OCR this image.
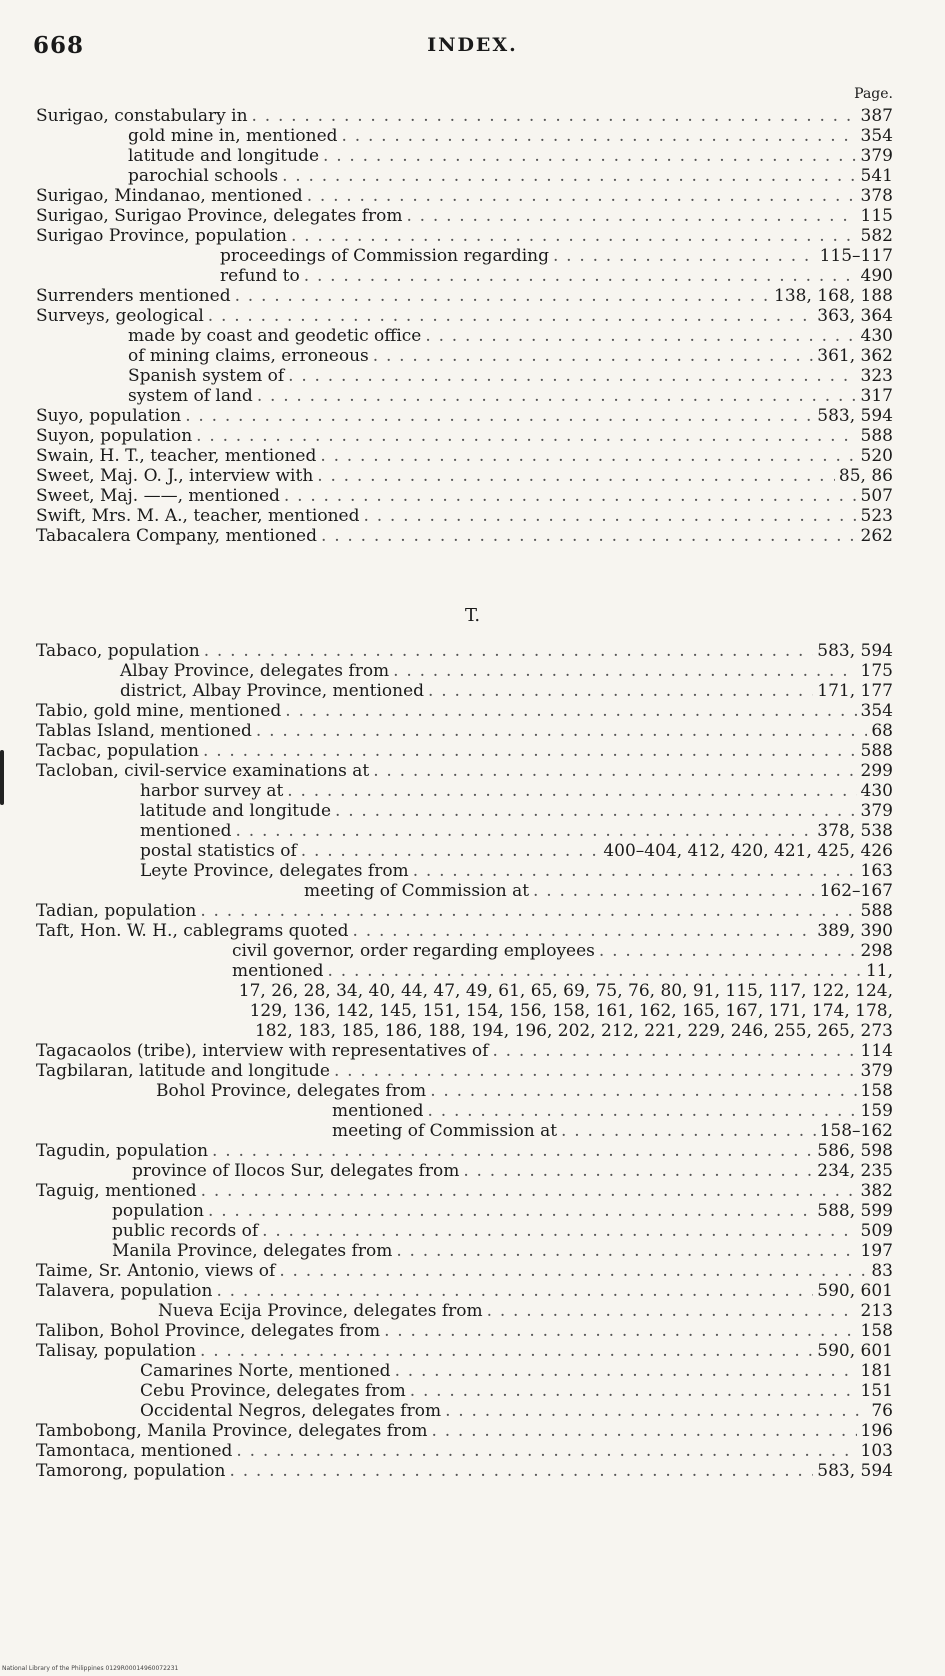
668	INDEX.
Page.
Surigao, constabulary in . . .	387
gold mine in, mentioned . . .	354
latitude and longitude . . .	379
parochial schools . . .	541
Surigao, Mindanao, mentioned . . .	378
Surigao, Surigao Province, delegates from . . .	115
Surigao Province, population . . .	582
proceedings of Commission regarding . . .	115–117
refund to . . .	490
Surrenders mentioned . . .	138, 168, 188
Surveys, geological . . .	363, 364
made by coast and geodetic office . . .	430
of mining claims, erroneous . . .	361, 362
Spanish system of . . .	323
system of land . . .	317
Suyo, population . . .	583, 594
Suyon, population . . .	588
Swain, H. T., teacher, mentioned . . .	520
Sweet, Maj. O. J., interview with . . .	85, 86
Sweet, Maj. ——, mentioned . . .	507
Swift, Mrs. M. A., teacher, mentioned . . .	523
Tabacalera Company, mentioned . . .	262
T.
Tabaco, population . . .	583, 594
Albay Province, delegates from . . .	175
district, Albay Province, mentioned . . .	171, 177
Tabio, gold mine, mentioned . . .	354
Tablas Island, mentioned . . .	68
Tacbac, population . . .	588
Tacloban, civil-service examinations at . . .	299
harbor survey at . . .	430
latitude and longitude . . .	379
mentioned . . .	378, 538
postal statistics of . . .	400–404, 412, 420, 421, 425, 426
Leyte Province, delegates from . . .	163
meeting of Commission at . . .	162–167
Tadian, population . . .	588
Taft, Hon. W. H., cablegrams quoted . . .	389, 390
civil governor, order regarding employees . . .	298
mentioned . . .	11,
17, 26, 28, 34, 40, 44, 47, 49, 61, 65, 69, 75, 76, 80, 91, 115, 117, 122, 124,
129, 136, 142, 145, 151, 154, 156, 158, 161, 162, 165, 167, 171, 174, 178,
182, 183, 185, 186, 188, 194, 196, 202, 212, 221, 229, 246, 255, 265, 273
Tagacaolos (tribe), interview with representatives of . . .	114
Tagbilaran, latitude and longitude . . .	379
Bohol Province, delegates from . . .	158
mentioned . . .	159
meeting of Commission at . . .	158–162
Tagudin, population . . .	586, 598
province of Ilocos Sur, delegates from . . .	234, 235
Taguig, mentioned . . .	382
population . . .	588, 599
public records of . . .	509
Manila Province, delegates from . . .	197
Taime, Sr. Antonio, views of . . .	83
Talavera, population . . .	590, 601
Nueva Ecija Province, delegates from . . .	213
Talibon, Bohol Province, delegates from . . .	158
Talisay, population . . .	590, 601
Camarines Norte, mentioned . . .	181
Cebu Province, delegates from . . .	151
Occidental Negros, delegates from . . .	76
Tambobong, Manila Province, delegates from . . .	196
Tamontaca, mentioned . . .	103
Tamorong, population . . .	583, 594
National Library of the Philippines 0129R00014960072231
